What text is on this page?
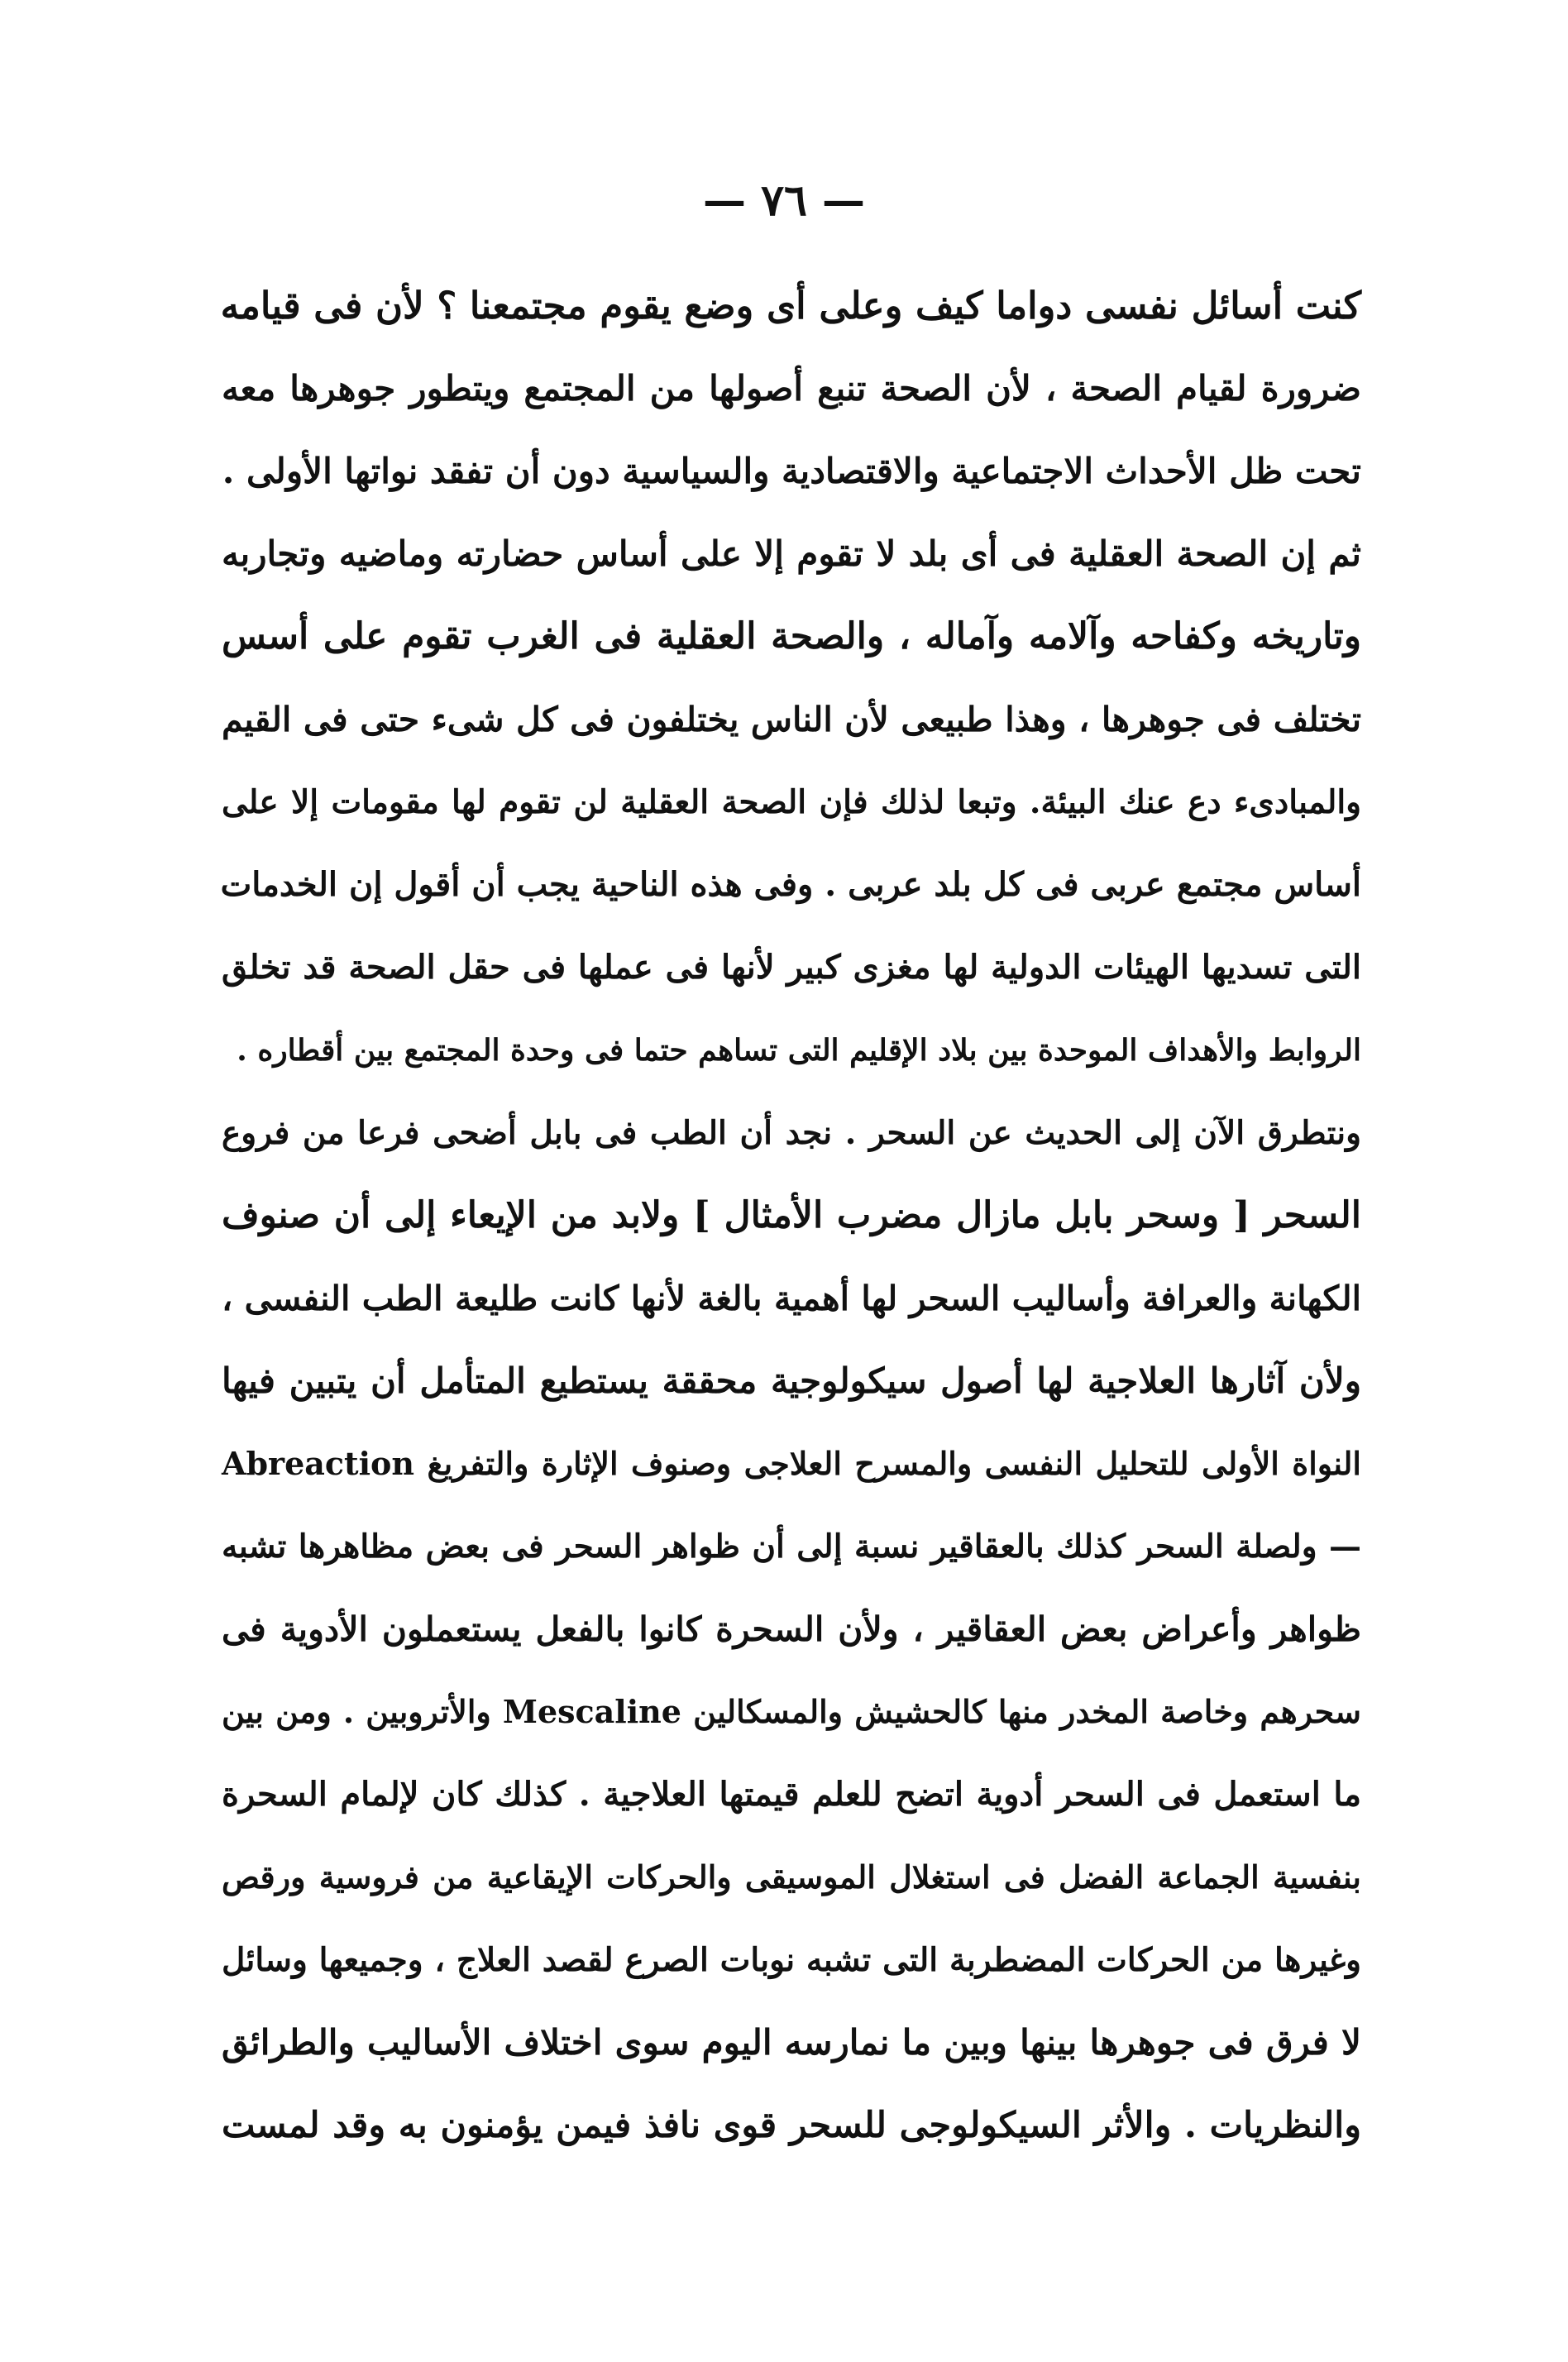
— ٧٦ —
كنت أسائل نفسى دواما كيف وعلى أى وضع يقوم مجتمعنا ؟ لأن فى قيامه
ضرورة لقيام الصحة ، لأن الصحة تنبع أصولها من المجتمع ويتطور جوهرها معه
تحت ظل الأحداث الاجتماعية والاقتصادية والسياسية دون أن تفقد نواتها الأولى .
ثم إن الصحة العقلية فى أى بلد لا تقوم إلا على أساس حضارته وماضيه وتجاربه
وتاريخه وكفاحه وآلامه وآماله ، والصحة العقلية فى الغرب تقوم على أسس
تختلف فى جوهرها ، وهذا طبيعى لأن الناس يختلفون فى كل شىء حتى فى القيم
والمبادىء دع عنك البيئة. وتبعا لذلك فإن الصحة العقلية لن تقوم لها مقومات إلا على
أساس مجتمع عربى فى كل بلد عربى . وفى هذه الناحية يجب أن أقول إن الخدمات
التى تسديها الهيئات الدولية لها مغزى كبير لأنها فى عملها فى حقل الصحة قد تخلق
الروابط والأهداف الموحدة بين بلاد الإقليم التى تساهم حتما فى وحدة المجتمع بين أقطاره .
ونتطرق الآن إلى الحديث عن السحر . نجد أن الطب فى بابل أضحى فرعا من فروع
السحر [ وسحر بابل مازال مضرب الأمثال ] ولابد من الإيعاء إلى أن صنوف
الكهانة والعرافة وأساليب السحر لها أهمية بالغة لأنها كانت طليعة الطب النفسى ،
ولأن آثارها العلاجية لها أصول سيكولوجية محققة يستطيع المتأمل أن يتبين فيها
النواة الأولى للتحليل النفسى والمسرح العلاجى وصنوف الإثارة والتفريغ Abreaction
— ولصلة السحر كذلك بالعقاقير نسبة إلى أن ظواهر السحر فى بعض مظاهرها تشبه
ظواهر وأعراض بعض العقاقير ، ولأن السحرة كانوا بالفعل يستعملون الأدوية فى
سحرهم وخاصة المخدر منها كالحشيش والمسكالين Mescaline والأتروبين . ومن بين
ما استعمل فى السحر أدوية اتضح للعلم قيمتها العلاجية . كذلك كان لإلمام السحرة
بنفسية الجماعة الفضل فى استغلال الموسيقى والحركات الإيقاعية من فروسية ورقص
وغيرها من الحركات المضطربة التى تشبه نوبات الصرع لقصد العلاج ، وجميعها وسائل
لا فرق فى جوهرها بينها وبين ما نمارسه اليوم سوى اختلاف الأساليب والطرائق
والنظريات . والأثر السيكولوجى للسحر قوى نافذ فيمن يؤمنون به وقد لمست
